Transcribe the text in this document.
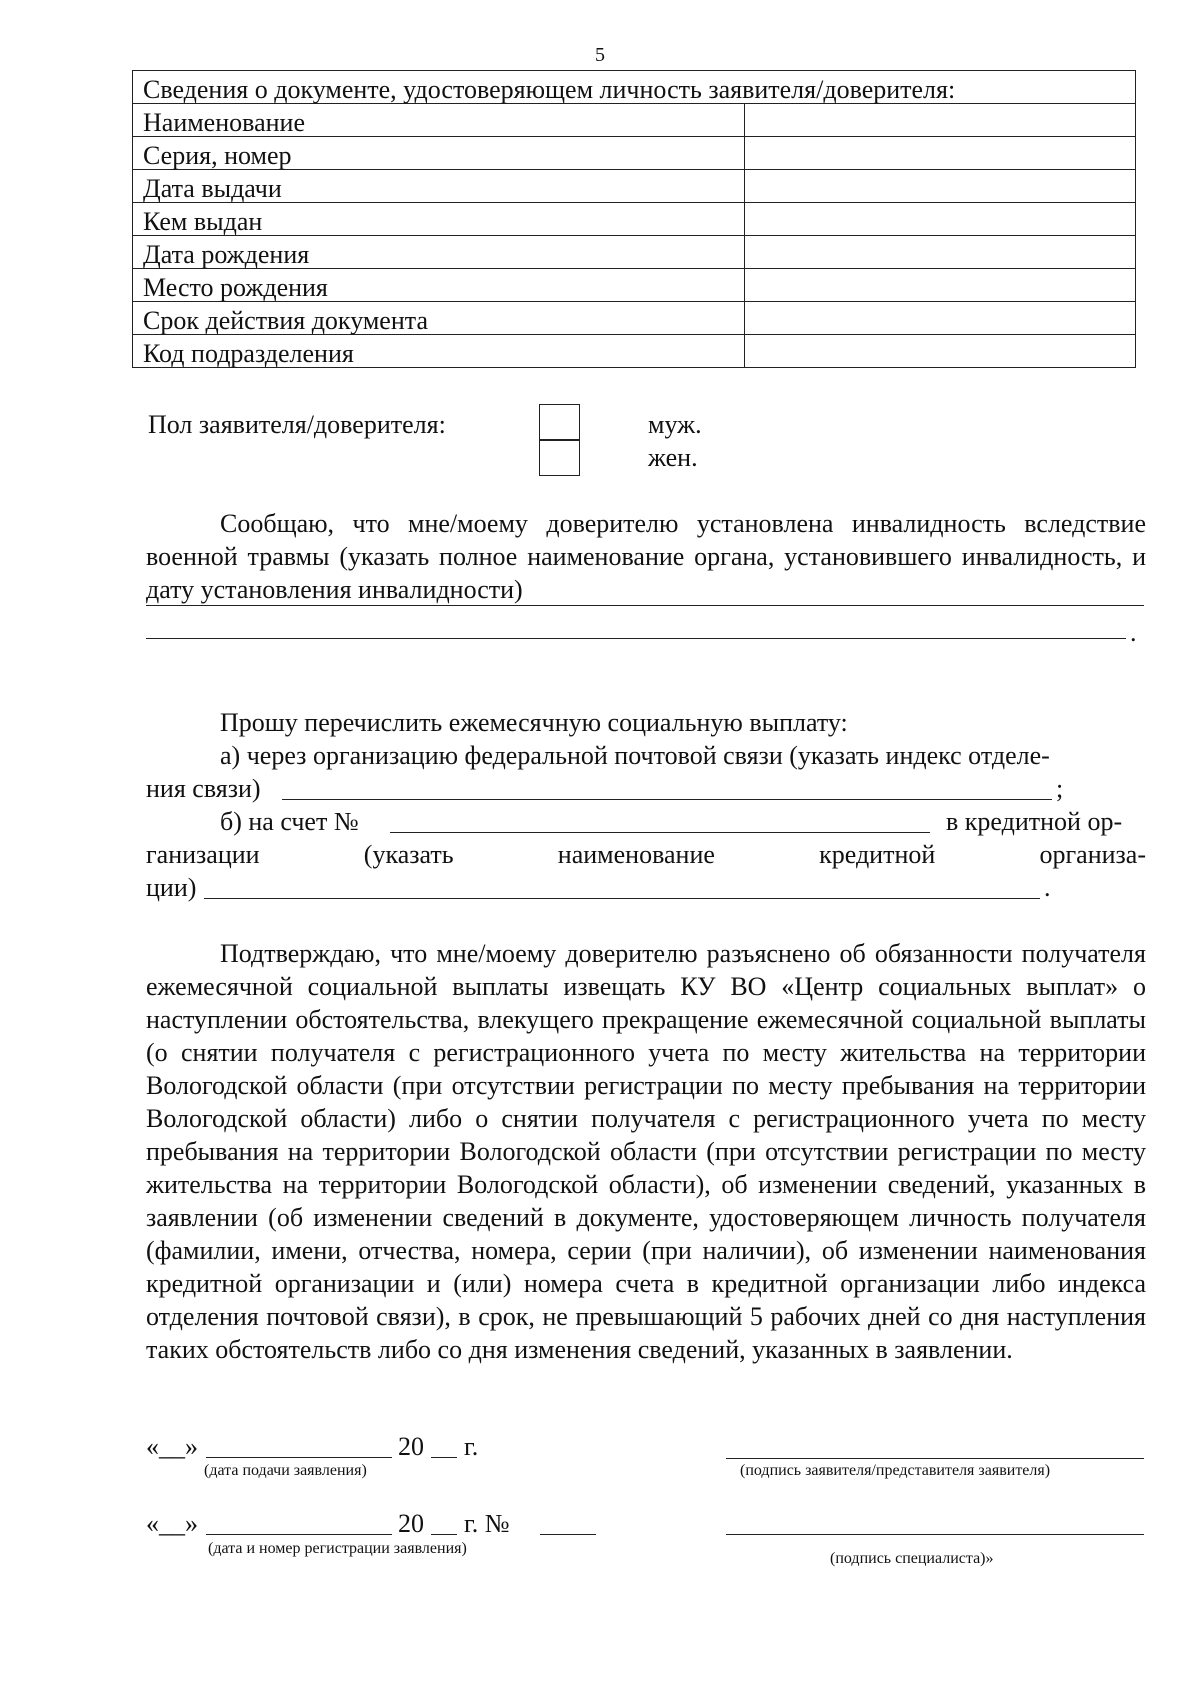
5
Сведения о документе, удостоверяющем личность заявителя/доверителя:	
Наименование	
Серия, номер	
Дата выдачи	
Кем выдан	
Дата рождения	
Место рождения	
Срок действия документа	
Код подразделения	
Пол заявителя/доверителя:	муж.
жен.
Сообщаю, что мне/моему доверителю установлена инвалидность вследствие военной травмы (указать полное наименование органа, установившего инвалидность, и дату установления инвалидности)
.
Прошу перечислить ежемесячную социальную выплату:
а) через организацию федеральной почтовой связи (указать индекс отделе-
ния связи)	;
б) на счет №	в кредитной ор-
ганизации (указать наименование кредитной организа-
ции)	.
Подтверждаю, что мне/моему доверителю разъяснено об обязанности получателя ежемесячной социальной выплаты извещать КУ ВО «Центр социальных выплат» о наступлении обстоятельства, влекущего прекращение ежемесячной социальной выплаты (о снятии получателя с регистрационного учета по месту жительства на территории Вологодской области (при отсутствии регистрации по месту пребывания на территории Вологодской области) либо о снятии получателя с регистрационного учета по месту пребывания на территории Вологодской области (при отсутствии регистрации по месту жительства на территории Вологодской области), об изменении сведений, указанных в заявлении (об изменении сведений в документе, удостоверяющем личность получателя (фамилии, имени, отчества, номера, серии (при наличии), об изменении наименования кредитной организации и (или) номера счета в кредитной организации либо индекса отделения почтовой связи), в срок, не превышающий 5 рабочих дней со дня наступления таких обстоятельств либо со дня изменения сведений, указанных в заявлении.
«__»	20 г.
(дата подачи заявления)	(подпись заявителя/представителя заявителя)
«__»	20 г. №
(дата и номер регистрации заявления)
(подпись специалиста)»
